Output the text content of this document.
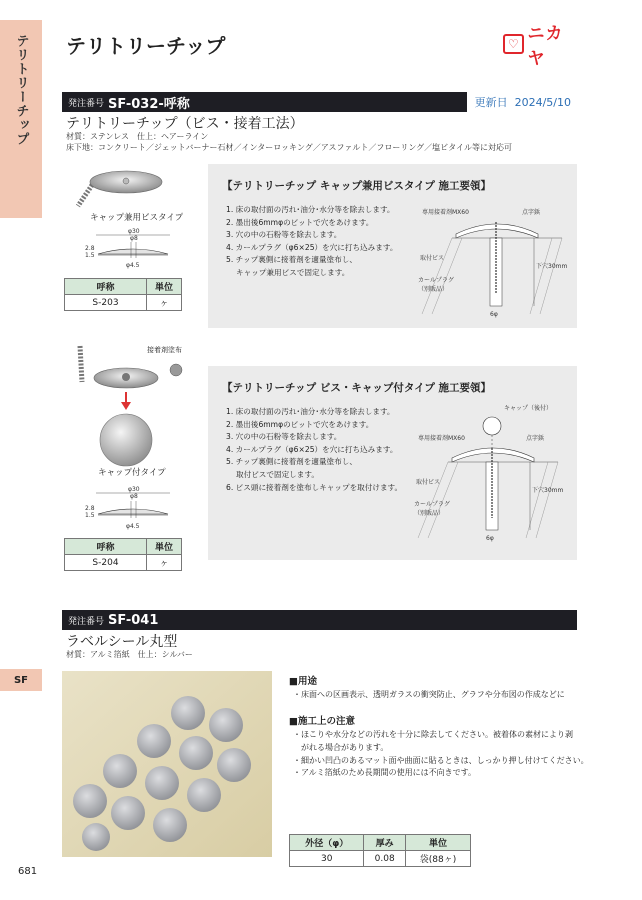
テリトリーチップ テリトリーチップ	♡ ニカヤ
発注番号 SF-032-呼称	更新日
2024/5/10
テリトリーチップ（ビス・接着工法）
材質：ステンレス　仕上：ヘアーライン
床下地：コンクリート／ジェットバーナー石材／インターロッキング／アスファルト／フローリング／塩ビタイル等に対応可
キャップ兼用ビスタイプ
φ30
φ8
2.8
1.5
φ4.5
呼称	単位
S-203	ヶ
【テリトリーチップ キャップ兼用ビスタイプ 施工要領】
1. 床の取付面の汚れ･油分･水分等を除去します。
2. 墨出後6mmφのビットで穴をあけます。
3. 穴の中の石粉等を除去します。
4. カールプラグ（φ6×25）を穴に打ち込みます。
5. チップ裏側に接着剤を適量塗布し、
　 キャップ兼用ビスで固定します。
専用接着剤MX60	点字鋲
取付ビス
カールプラグ
（別販品）
下穴30mm
6φ
接着剤塗布
キャップ付タイプ
φ30
φ8
2.8
1.5
φ4.5
呼称	単位
S-204	ヶ
【テリトリーチップ ビス・キャップ付タイプ 施工要領】
1. 床の取付面の汚れ･油分･水分等を除去します。
2. 墨出後6mmφのビットで穴をあけます。
3. 穴の中の石粉等を除去します。
4. カールプラグ（φ6×25）を穴に打ち込みます。
5. チップ裏側に接着剤を適量塗布し、
　 取付ビスで固定します。
6. ビス頭に接着剤を塗布しキャップを取付けます。
キャップ（後付）
専用接着剤MX60	点字鋲
取付ビス
カールプラグ
（別販品）
下穴30mm
6φ
発注番号 SF-041
ラベルシール丸型
材質：アルミ箔紙　仕上：シルバー
SF	■用途
・床面への区画表示、透明ガラスの衝突防止、グラフや分布図の作成などに
■施工上の注意
・ほこりや水分などの汚れを十分に除去してください。被着体の素材により剥
　がれる場合があります。
・細かい凹凸のあるマット面や曲面に貼るときは、しっかり押し付けてください。
・アルミ箔紙のため長期間の使用には不向きです。
外径（φ）	厚み	単位
30	0.08	袋(88ヶ)
681
